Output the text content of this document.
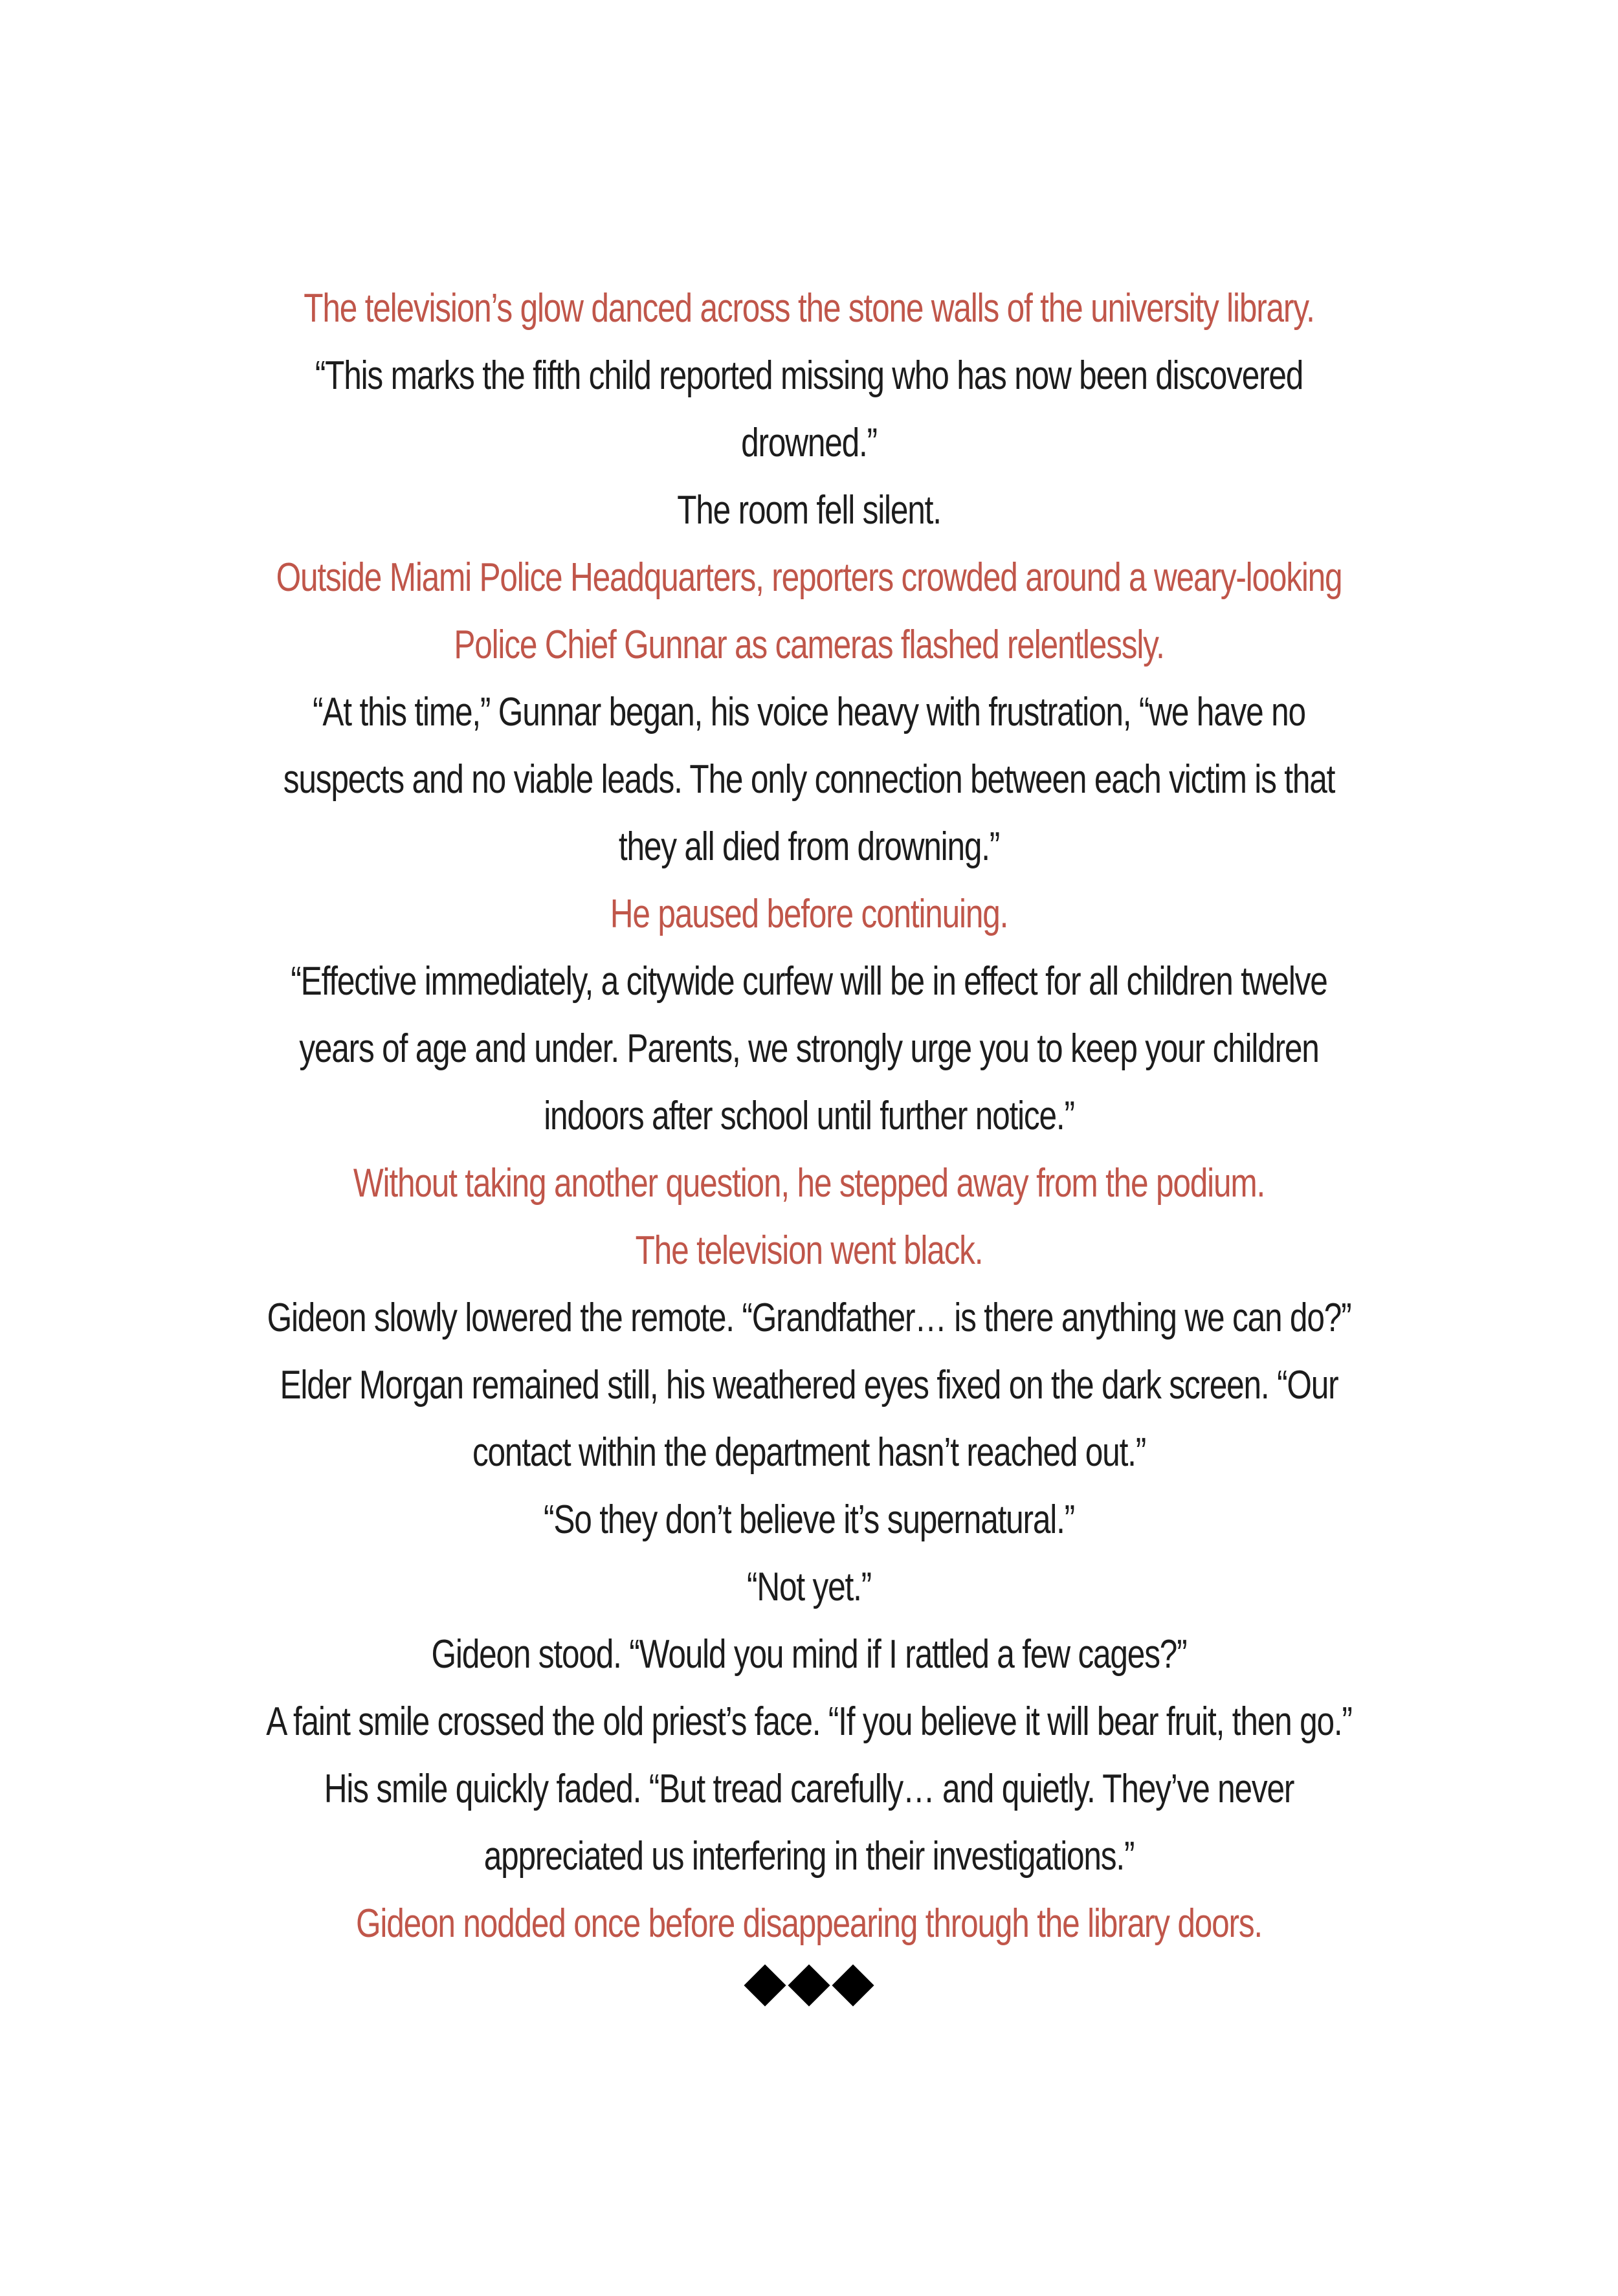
The television’s glow danced across the stone walls of the university library.

“This marks the fifth child reported missing who has now been discovered drowned.”

The room fell silent.

Outside Miami Police Headquarters, reporters crowded around a weary-looking Police Chief Gunnar as cameras flashed relentlessly.

“At this time,” Gunnar began, his voice heavy with frustration, “we have no suspects and no viable leads. The only connection between each victim is that they all died from drowning.”

He paused before continuing.

“Effective immediately, a citywide curfew will be in effect for all children twelve years of age and under. Parents, we strongly urge you to keep your children indoors after school until further notice.”

Without taking another question, he stepped away from the podium.

The television went black.

Gideon slowly lowered the remote. “Grandfather… is there anything we can do?”

Elder Morgan remained still, his weathered eyes fixed on the dark screen. “Our contact within the department hasn’t reached out.”

“So they don’t believe it’s supernatural.”

“Not yet.”

Gideon stood. “Would you mind if I rattled a few cages?”

A faint smile crossed the old priest’s face. “If you believe it will bear fruit, then go.”

His smile quickly faded. “But tread carefully… and quietly. They’ve never appreciated us interfering in their investigations.”

Gideon nodded once before disappearing through the library doors.
